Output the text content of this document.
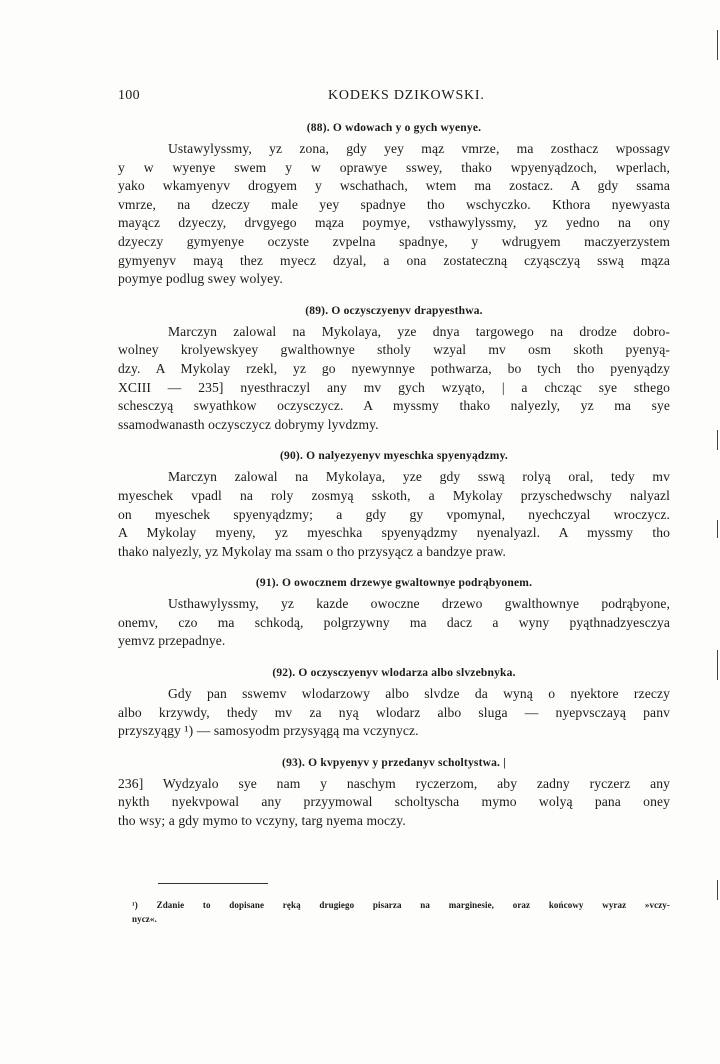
100	KODEKS DZIKOWSKI.
(88). O wdowach y o gych wyenye.
Ustawylyssmy, yz zona, gdy yey mąz vmrze, ma zosthacz wpossagv
y w wyenye swem y w oprawye sswey, thako wpyenyądzoch, wperlach,
yako wkamyenyv drogyem y wschathach, wtem ma zostacz. A gdy ssama
vmrze, na dzeczy male yey spadnye tho wschyczko. Kthora nyewyasta
mayącz dzyeczy, drvgyego mąza poymye, vsthawylyssmy, yz yedno na ony
dzyeczy gymyenye oczyste zvpelna spadnye, y wdrugyem maczyerzystem
gymyenyv mayą thez myecz dzyal, a ona zostateczną czyąsczyą sswą mąza
poymye podlug swey wolyey.
(89). O oczysczyenyv drapyesthwa.
Marczyn zalowal na Mykolaya, yze dnya targowego na drodze dobro-
wolney krolyewskyey gwalthownye stholy wzyal mv osm skoth pyenyą-
dzy. A Mykolay rzekl, yz go nyewynnye pothwarza, bo tych tho pyenyądzy
XCIII — 235] nyesthraczyl any mv gych wzyąto, | a chcząc sye sthego
schesczyą swyathkow oczysczycz. A myssmy thako nalyezly, yz ma sye
ssamodwanasth oczysczycz dobrymy lyvdzmy.
(90). O nalyezyenyv myeschka spyenyądzmy.
Marczyn zalowal na Mykolaya, yze gdy sswą rolyą oral, tedy mv
myeschek vpadl na roly zosmyą sskoth, a Mykolay przyschedwschy nalyazl
on myeschek spyenyądzmy; a gdy gy vpomynal, nyechczyal wroczycz.
A Mykolay myeny, yz myeschka spyenyądzmy nyenalyazl. A myssmy tho
thako nalyezly, yz Mykolay ma ssam o tho przysyącz a bandzye praw.
(91). O owocznem drzewye gwaltownye podrąbyonem.
Usthawylyssmy, yz kazde owoczne drzewo gwalthownye podrąbyone,
onemv, czo ma schkodą, polgrzywny ma dacz a wyny pyąthnadzyesczya
yemvz przepadnye.
(92). O oczysczyenyv wlodarza albo slvzebnyka.
Gdy pan sswemv wlodarzowy albo slvdze da wyną o nyektore rzeczy
albo krzywdy, thedy mv za nyą wlodarz albo sluga — nyepvsczayą panv
przyszyągy ¹) — samosyodm przysyągą ma vczynycz.
(93). O kvpyenyv y przedanyv scholtystwa. |
236] Wydzyalo sye nam y naschym ryczerzom, aby zadny ryczerz any
nykth nyekvpowal any przyymowal scholtyscha mymo wolyą pana oney
tho wsy; a gdy mymo to vczyny, targ nyema moczy.
¹) Zdanie to dopisane ręką drugiego pisarza na marginesie, oraz końcowy wyraz »vczy-
nycz«.
